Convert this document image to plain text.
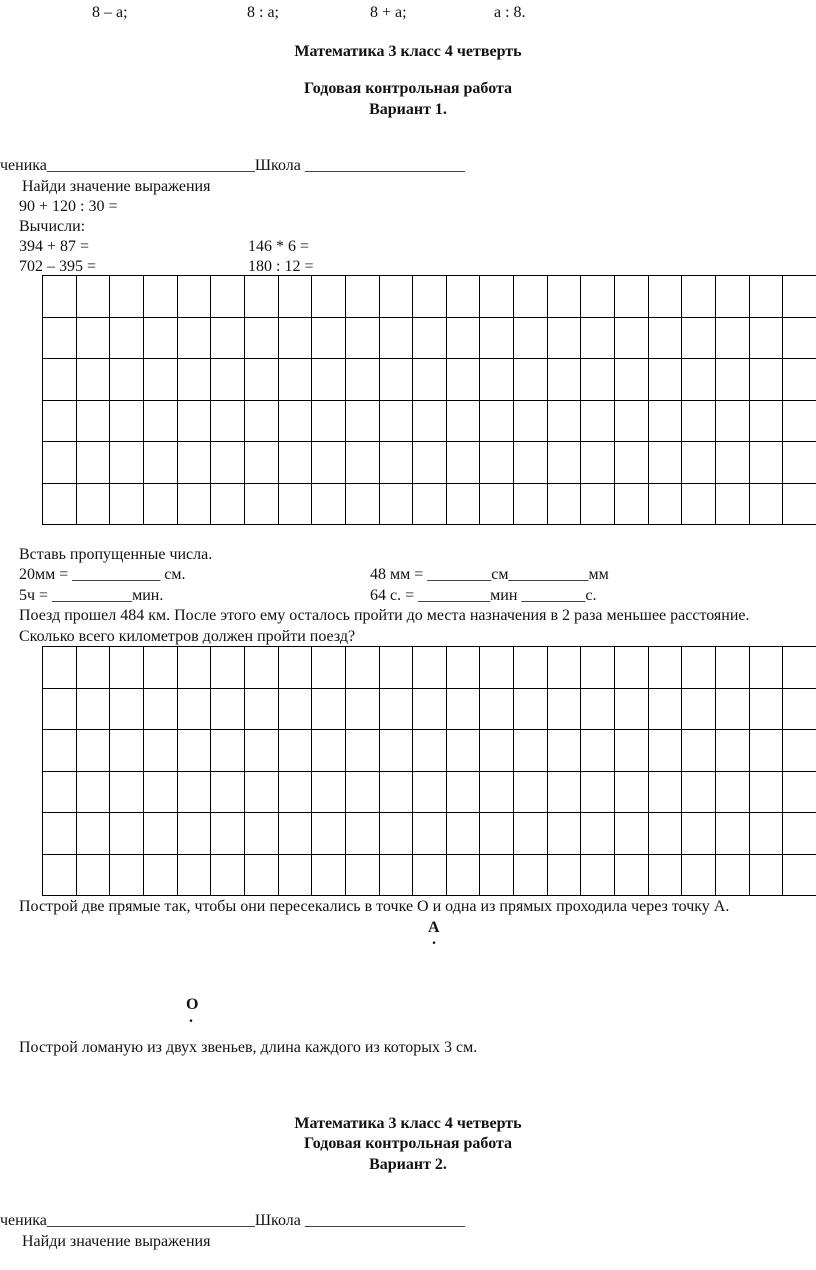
8 – а;	8 : а;	8 + а;	а : 8.
Математика 3 класс 4 четверть
Годовая контрольная работа
Вариант 1.
ченика__________________________Школа ____________________
Найди значение выражения
90 + 120 : 30 =
Вычисли:
394 + 87 =	146 * 6 =
702 – 395 =	180 : 12 =
Вставь пропущенные числа.
20мм = ___________ см.	48 мм = ________см__________мм
5ч = __________мин.	64 с. = _________мин ________с.
Поезд прошел 484 км. После этого ему осталось пройти до места назначения в 2 раза меньшее расстояние.
Сколько всего километров должен пройти поезд?
Построй две прямые так, чтобы они пересекались в точке О и одна из прямых проходила через точку А.
А
.
О
.
Построй ломаную из двух звеньев, длина каждого из которых 3 см.
Математика 3 класс 4 четверть
Годовая контрольная работа
Вариант 2.
ченика__________________________Школа ____________________
Найди значение выражения
